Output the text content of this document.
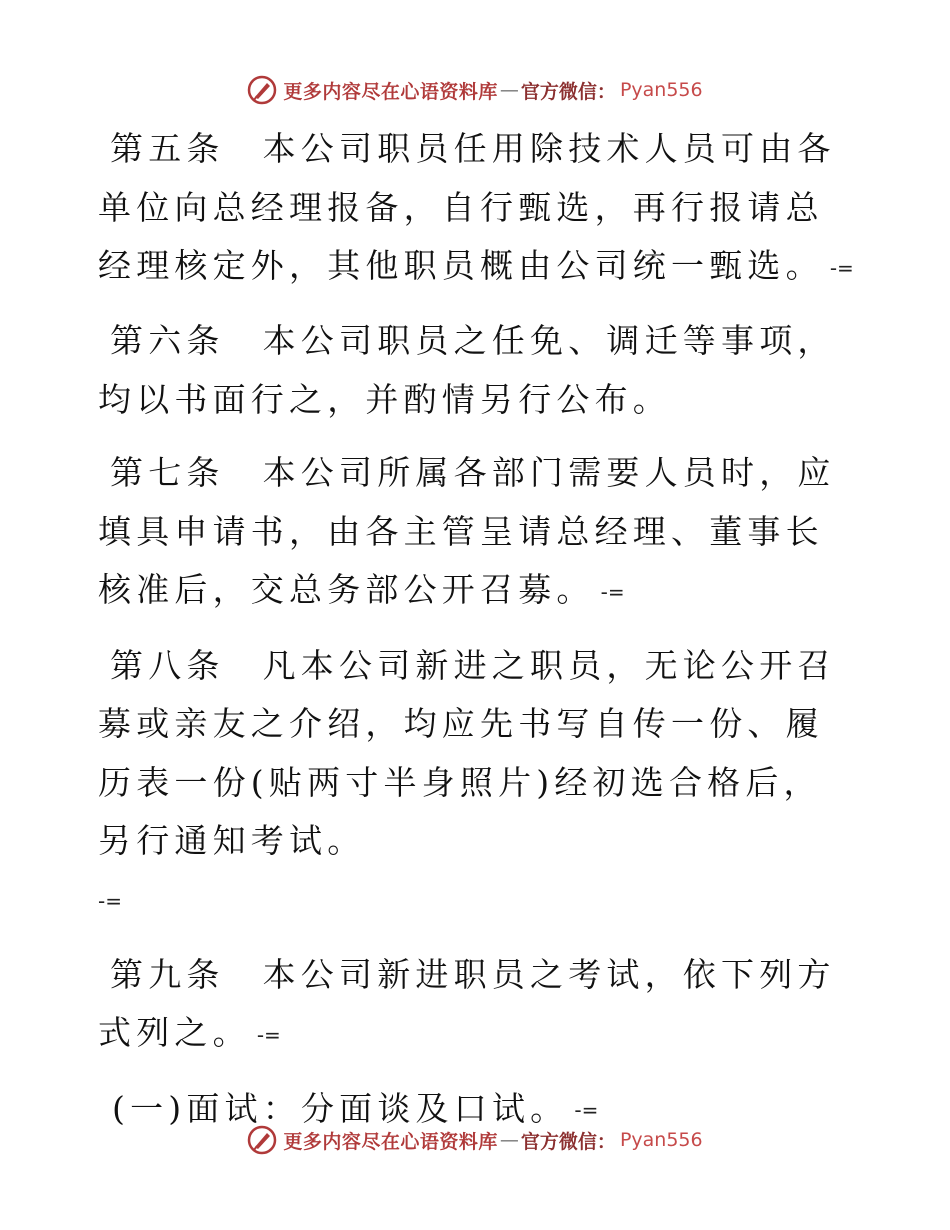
更多内容尽在心语资料库 — 官方微信： Pyan556

第五条 本公司职员任用除技术人员可由各单位向总经理报备，自行甄选，再行报请总经理核定外，其他职员概由公司统一甄选。 -=

第六条 本公司职员之任免、调迁等事项，均以书面行之，并酌情另行公布。

第七条 本公司所属各部门需要人员时，应填具申请书，由各主管呈请总经理、董事长核准后，交总务部公开召募。 -=

第八条 凡本公司新进之职员，无论公开召募或亲友之介绍，均应先书写自传一份、履历表一份(贴两寸半身照片)经初选合格后，另行通知考试。
-=

第九条 本公司新进职员之考试，依下列方式列之。 -=

(一)面试：分面谈及口试。 -=

更多内容尽在心语资料库 — 官方微信： Pyan556
